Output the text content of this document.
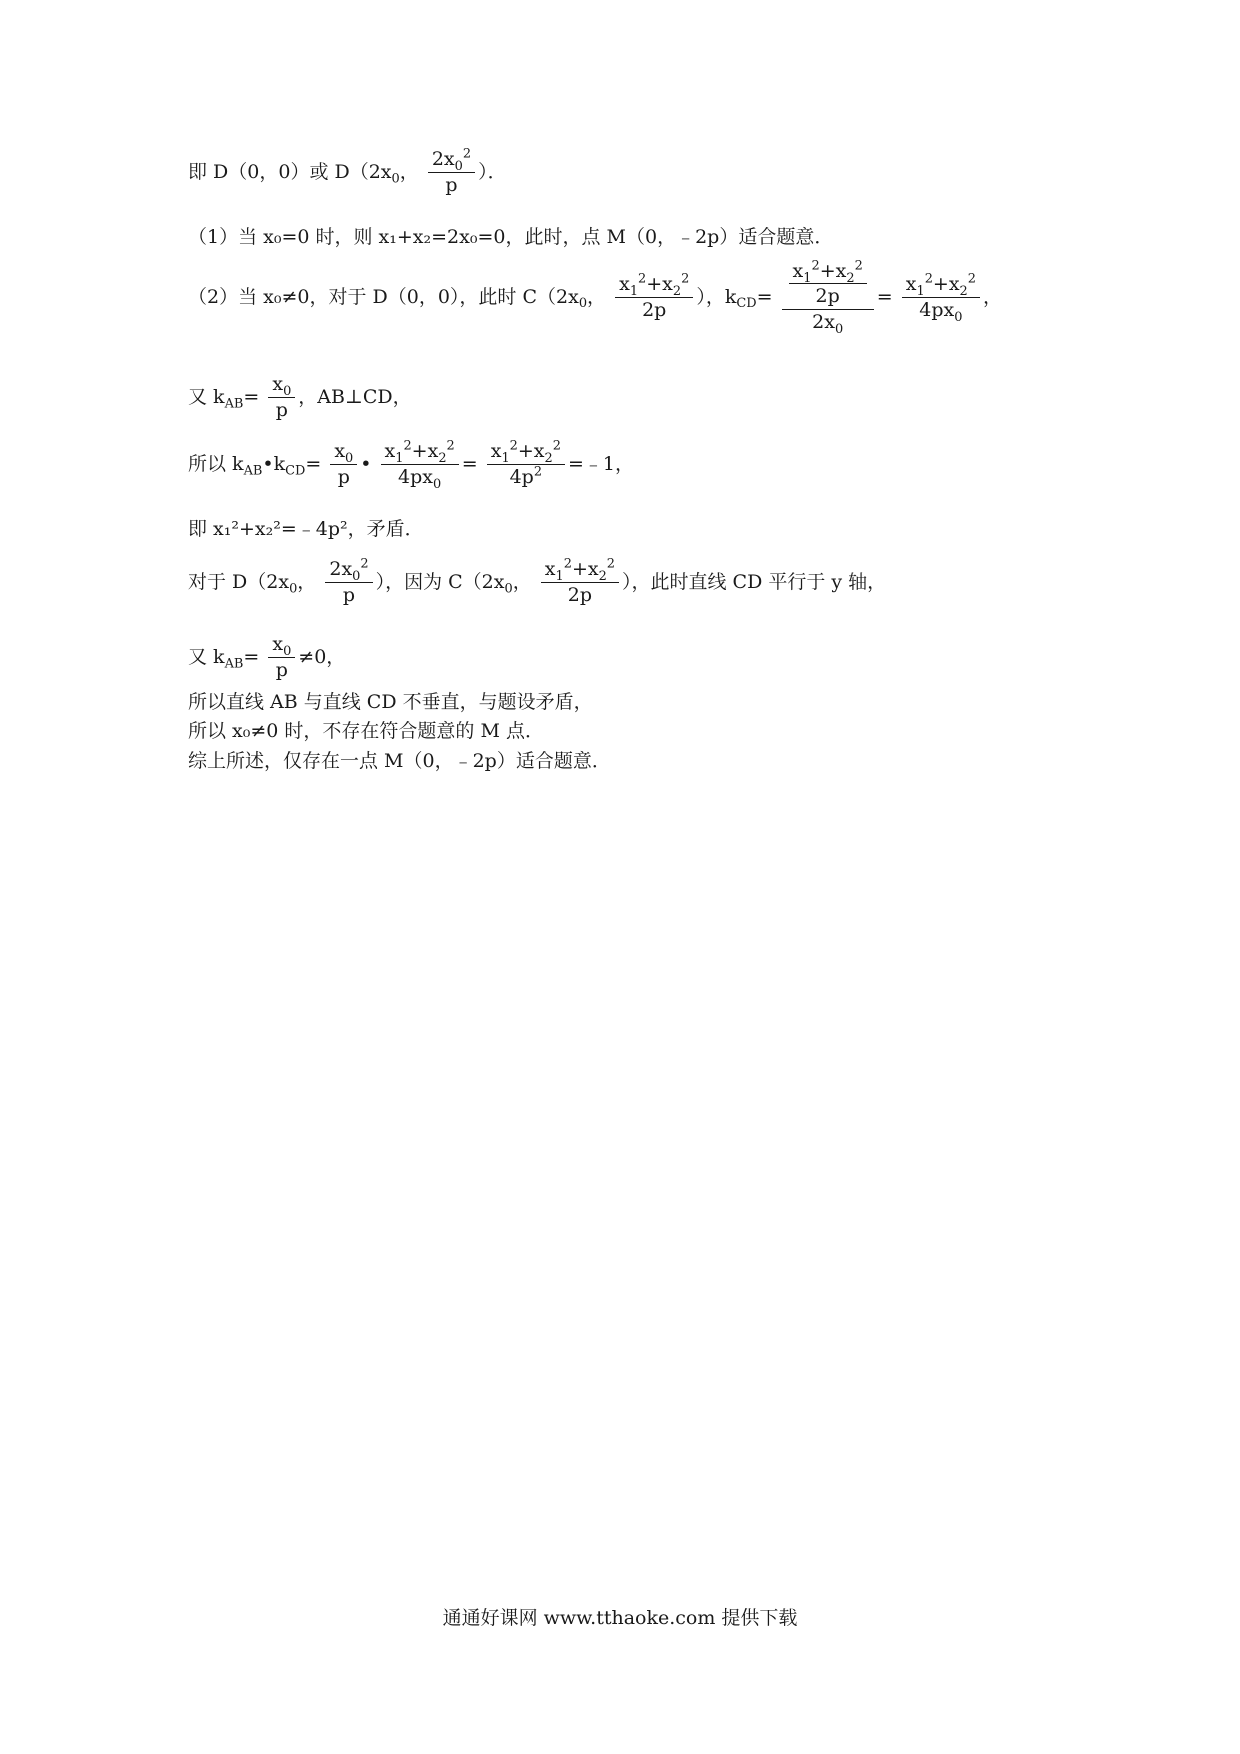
即 D（0，0）或 $D(2x_0$， $\frac{2x_0^2}{p}$ ）．
（1）当 x₀=0 时，则 x₁+x₂=2x₀=0，此时，点 M（0，﹣2p）适合题意．
（2）当 x₀≠0，对于 D（0，0），此时 $C(2x_0$， $\frac{x_1^2+x_2^2}{2p}$ ），$k_{CD}= \frac{\frac{x_1^2+x_2^2}{2p}}{2x_0} = \frac{x_1^2+x_2^2}{4px_0}$ ，
又 $k_{AB}= \frac{x_0}{p}$ ，AB⊥CD，
所以 $k_{AB}•k_{CD}= \frac{x_0}{p}$ • $\frac{x_1^2+x_2^2}{4px_0} = \frac{x_1^2+x_2^2}{4p^2}$ =﹣1，
即 x₁²+x₂²=﹣4p²，矛盾．
对于 $D(2x_0$， $\frac{2x_0^2}{p}$ ），因为 $C(2x_0$， $\frac{x_1^2+x_2^2}{2p}$ ），此时直线 CD 平行于 y 轴，
又 $k_{AB}= \frac{x_0}{p} \ne 0$，
所以直线 AB 与直线 CD 不垂直，与题设矛盾，
所以 x₀≠0 时，不存在符合题意的 M 点．
综上所述，仅存在一点 M（0，﹣2p）适合题意．
通通好课网 www.tthaoke.com 提供下载
